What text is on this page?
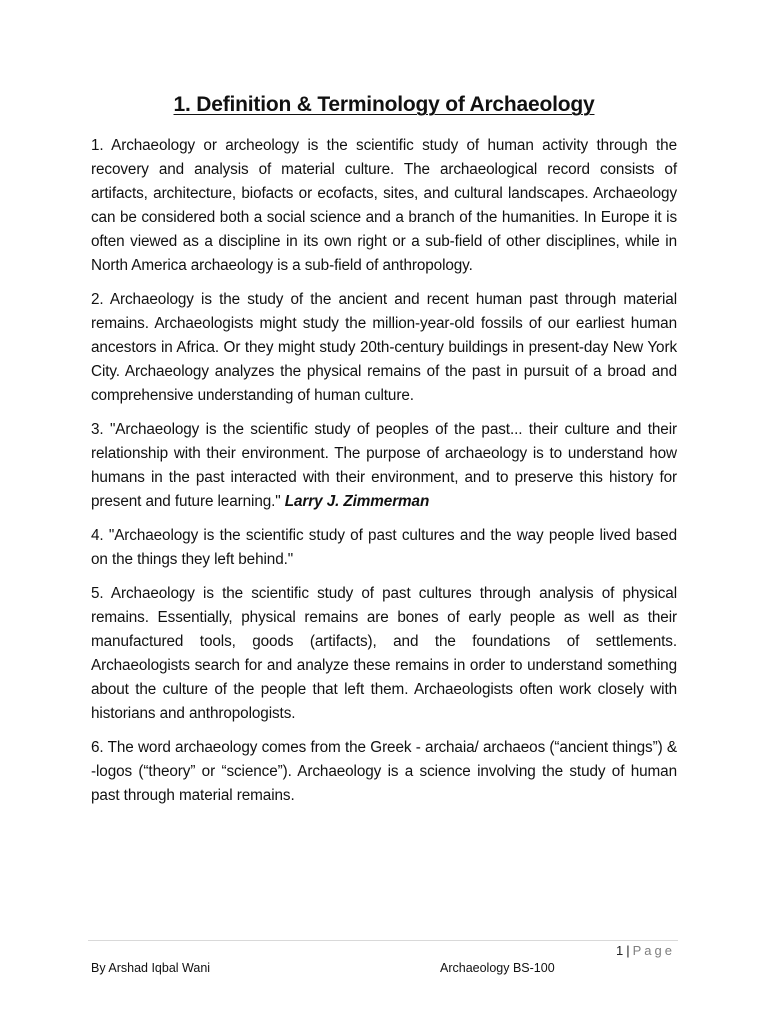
1. Definition & Terminology of Archaeology

1. Archaeology or archeology is the scientific study of human activity through the recovery and analysis of material culture. The archaeological record consists of artifacts, architecture, biofacts or ecofacts, sites, and cultural landscapes. Archaeology can be considered both a social science and a branch of the humanities. In Europe it is often viewed as a discipline in its own right or a sub-field of other disciplines, while in North America archaeology is a sub-field of anthropology.

2. Archaeology is the study of the ancient and recent human past through material remains. Archaeologists might study the million-year-old fossils of our earliest human ancestors in Africa. Or they might study 20th-century buildings in present-day New York City. Archaeology analyzes the physical remains of the past in pursuit of a broad and comprehensive understanding of human culture.

3. "Archaeology is the scientific study of peoples of the past... their culture and their relationship with their environment. The purpose of archaeology is to understand how humans in the past interacted with their environment, and to preserve this history for present and future learning." Larry J. Zimmerman

4. "Archaeology is the scientific study of past cultures and the way people lived based on the things they left behind."

5. Archaeology is the scientific study of past cultures through analysis of physical remains. Essentially, physical remains are bones of early people as well as their manufactured tools, goods (artifacts), and the foundations of settlements. Archaeologists search for and analyze these remains in order to understand something about the culture of the people that left them. Archaeologists often work closely with historians and anthropologists.

6. The word archaeology comes from the Greek - archaia/ archaeos (“ancient things”) & -logos (“theory” or “science”). Archaeology is a science involving the study of human past through material remains.

1 | Page
By Arshad Iqbal Wani	Archaeology BS-100
